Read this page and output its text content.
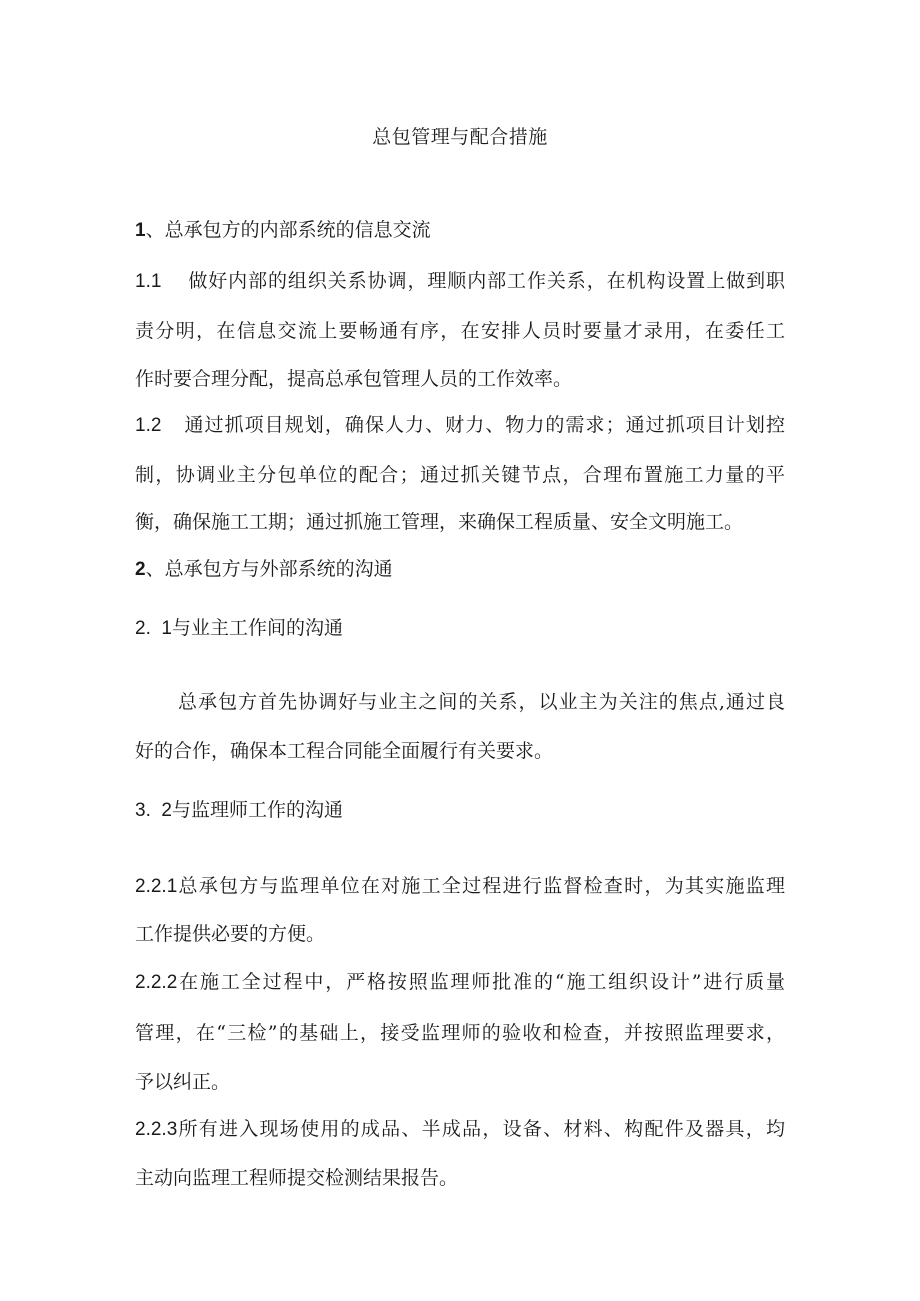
总包管理与配合措施
1、总承包方的内部系统的信息交流
1.1 做好内部的组织关系协调，理顺内部工作关系，在机构设置上做到职
责分明，在信息交流上要畅通有序，在安排人员时要量才录用，在委任工
作时要合理分配，提高总承包管理人员的工作效率。
1.2 通过抓项目规划，确保人力、财力、物力的需求；通过抓项目计划控
制，协调业主分包单位的配合；通过抓关键节点，合理布置施工力量的平
衡，确保施工工期；通过抓施工管理，来确保工程质量、安全文明施工。
2、总承包方与外部系统的沟通
2.  1与业主工作间的沟通
总承包方首先协调好与业主之间的关系，以业主为关注的焦点,通过良
好的合作，确保本工程合同能全面履行有关要求。
3.  2与监理师工作的沟通
2.2.1总承包方与监理单位在对施工全过程进行监督检查时，为其实施监理
工作提供必要的方便。
2.2.2在施工全过程中，严格按照监理师批准的“施工组织设计”进行质量
管理，在“三检”的基础上，接受监理师的验收和检查，并按照监理要求，
予以纠正。
2.2.3所有进入现场使用的成品、半成品，设备、材料、构配件及器具，均
主动向监理工程师提交检测结果报告。
